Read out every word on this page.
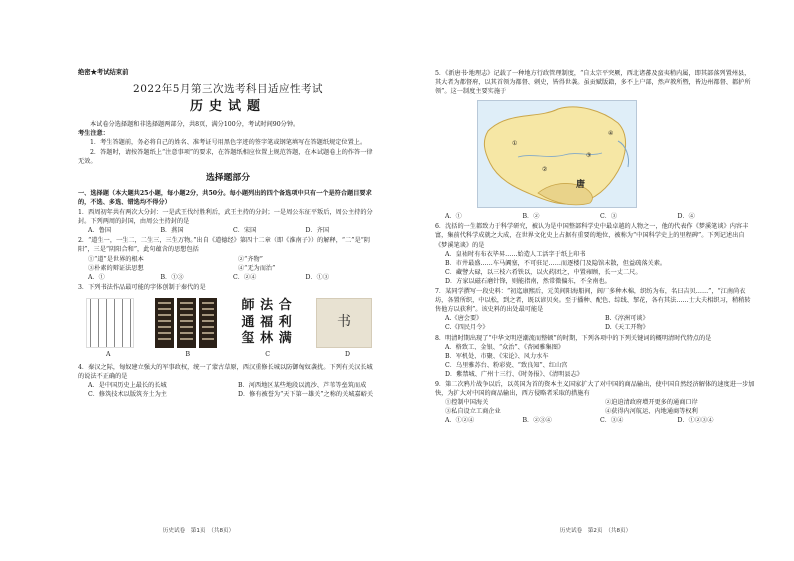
绝密★考试结束前
2022年5月第三次选考科目适应性考试
历史试题
本试卷分选择题和非选择题两部分，共8页，满分100分，考试时间90分钟。
考生注意：
1．考生答题前，务必将自己的姓名、准考证号用黑色字迹的签字笔或钢笔填写在答题纸规定位置上。
2．答题时，请按答题纸上“注意事项”的要求，在答题纸相应位置上规范答题，在本试题卷上的作答一律无效。
选择题部分
一、选择题（本大题共25小题，每小题2分，共50分。每小题列出的四个备选项中只有一个是符合题目要求的，不选、多选、错选均不得分）
1．西周初年共有两次大分封：一是武王伐纣胜利后，武王主持的分封；一是周公东征平叛后，周公主持的分封。下列两周的封国，由周公主持封的是
A．鲁国	B．燕国	C．宋国	D．齐国
2．“道生一，一生二，二生三，三生万物。”出自《道德经》第四十二章（即《淮南子》）的解释，“二”是“阴阳”，三是“阴阳合和”，此句蕴含的思想包括
①“道”是世界的根本	②“齐物”
③朴素的辩证法思想	④“无为而治”
A．①	B．①③	C．②④	D．①③
3．下列书法作品最可能的字体创制于秦代的是
師 法 合
通 福 利
玺 林 满
书
A	B	C	D
4．秦汉之际，匈奴建立强大的军事政权，统一了蒙古草原，西汉重修长城以防御匈奴袭扰。下列有关汉长城的说法不正确的是
A．是中国历史上最长的长城	B．河西地区某些地段以流沙、芦苇等垒筑而成
C．修筑技术以版筑夯土为主	D．修有被誉为“天下第一雄关”之称的关城嘉峪关
历史试卷　第1页　（共8页）
5．《新唐书·地理志》记载了一种地方行政管理制度，“自太宗平突厥，西北诸蕃及蛮夷稍内属，即其部落列置州县，其大者为都督府，以其首领为都督、刺史，皆得世袭。虽贡赋版籍，多不上户部，然声教所暨，皆边州都督、都护所领”。这一制度主要实施于
①
②
③
④
唐
A．①	B．②	C．③	D．④
6．沈括的一生都致力于科学研究，被认为是中国整部科学史中最卓越的人物之一，他的代表作《梦溪笔谈》内容丰富，集前代科学成就之大成，在世界文化史上占据有重要的地位，被称为“中国科学史上的里程碑”。下列记述出自《梦溪笔谈》的是
A．皇祐时有布衣毕昇……始造人工活字于纸上印书
B．市井最盛……车马阗塞，不可驻足……而逐楼门及隐馆未散，但益疏落关素。
C．藏譬大碌，以三枝六肴铁以，以火药团之，中置雍顾，长一丈二尺。
D．方家以磁石磨针锋，则能指南，然常微偏东，不全南也。
7．某同学撰写一段史料：“初迄康熙后，元美间阳海船间，阆厂多种木棉，织纺为布，名曰吉贝……”，“江南尚衣坊，各置所织，中以松，到之者，既以谚贝矣。至于播种、配色、综线、挈花，各有其法……士大夫相织习，稍稍转售他方以获利”。该史料的出处最可能是
A.《唐会要》	B.《淳洲可谈》
C.《四民月令》	D.《天工开物》
8．明清时期出现了“中华文明逆潮流而整顿”的时期，下列各项中的下列关键词的概明清时代特点的是
A．格致工、金银、“众治”、《杏园雅集图》
B．军机处、市聚、《宋论》、风力水车
C．乌里雅苏台、粉彩瓷、“致良知”、红山宫
D．紫禁城、广州十三行、《时务报》、《清明县志》
9．第二次鸦片战争以后，以英国为首的资本主义国家扩大了对中国的商品输出，使中国自然经济解体的速度进一步加快，为扩大对中国的商品输出，西方侵略者采取的措施有
①控制中国海关	②迫迫清政府增开更多的通商口岸
③私自设立工商企业	④获得内河航运、内地通商等权利
A．①②④	B．②③④	C．③④	D．①②③④
历史试卷　第2页　（共8页）
